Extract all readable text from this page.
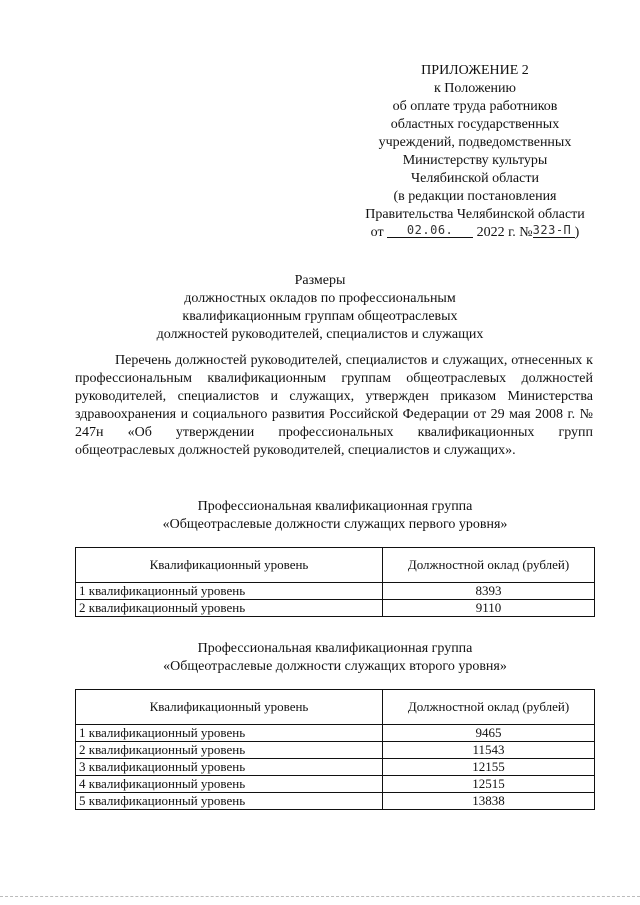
ПРИЛОЖЕНИЕ 2
к Положению
об оплате труда работников
областных государственных
учреждений, подведомственных
Министерству культуры
Челябинской области
(в редакции постановления
Правительства Челябинской области
от 02.06. 2022 г. №323-П )
Размеры
должностных окладов по профессиональным
квалификационным группам общеотраслевых
должностей руководителей, специалистов и служащих
Перечень должностей руководителей, специалистов и служащих, отнесенных к профессиональным квалификационным группам общеотраслевых должностей руководителей, специалистов и служащих, утвержден приказом Министерства здравоохранения и социального развития Российской Федерации от 29 мая 2008 г. № 247н «Об утверждении профессиональных квалификационных групп общеотраслевых должностей руководителей, специалистов и служащих».
Профессиональная квалификационная группа
«Общеотраслевые должности служащих первого уровня»
Квалификационный уровень	Должностной оклад (рублей)
1 квалификационный уровень	8393
2 квалификационный уровень	9110
Профессиональная квалификационная группа
«Общеотраслевые должности служащих второго уровня»
Квалификационный уровень	Должностной оклад (рублей)
1 квалификационный уровень	9465
2 квалификационный уровень	11543
3 квалификационный уровень	12155
4 квалификационный уровень	12515
5 квалификационный уровень	13838
